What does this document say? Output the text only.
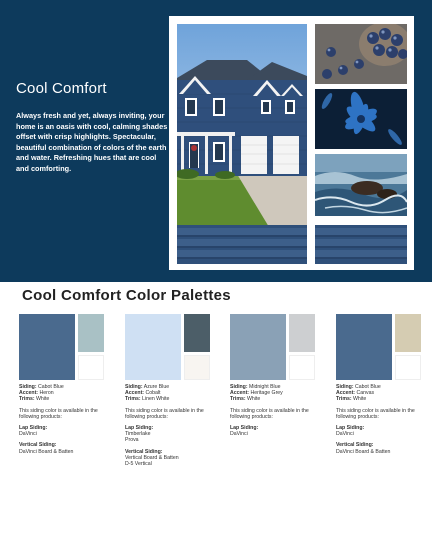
Cool Comfort

Always fresh and yet, always inviting, your home is an oasis with cool, calming shades offset with crisp highlights. Spectacular, beautiful combination of colors of the earth and water. Refreshing hues that are cool and comforting.

Cool Comfort Color Palettes

Siding: Cabot Blue

Accent: Heron

Trims: White

This siding color is available in the following products:

Lap Siding:

DaVinci

Vertical Siding:

DaVinci Board & Batten

Siding: Azure Blue

Accent: Cobalt

Trims: Linen White

This siding color is available in the following products:

Lap Siding:

Timberlake

Prova

Vertical Siding:

Vertical Board & Batten

D-5 Vertical

Siding: Midnight Blue

Accent: Heritage Grey

Trims: White

This siding color is available in the following products:

Lap Siding:

DaVinci

Siding: Cabot Blue

Accent: Canvas

Trims: White

This siding color is available in the following products:

Lap Siding:

DaVinci

Vertical Siding:

DaVinci Board & Batten
